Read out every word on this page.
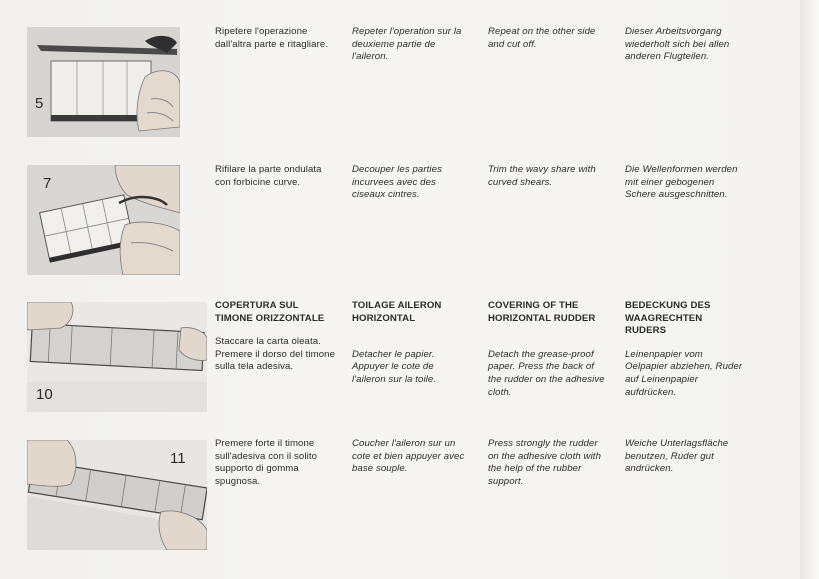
5
Ripetere l'operazione dall'altra parte e ritagliare.
Repeter l'operation sur la deuxieme partie de l'aileron.
Repeat on the other side and cut off.
Dieser Arbeitsvorgang wiederholt sich bei allen anderen Flugteilen.
7
Rifilare la parte ondulata con forbicine curve.
Decouper les parties incurvees avec des ciseaux cintres.
Trim the wavy share with curved shears.
Die Wellenformen werden mit einer gebogenen Schere ausgeschnitten.
10
COPERTURA SUL TIMONE ORIZZONTALE
Staccare la carta oleata. Premere il dorso del timone sulla tela adesiva.
TOILAGE AILERON HORIZONTAL
Detacher le papier. Appuyer le cote de l'aileron sur la toile.
COVERING OF THE HORIZONTAL RUDDER
Detach the grease-proof paper. Press the back of the rudder on the adhesive cloth.
BEDECKUNG DES WAAGRECHTEN RUDERS
Leinenpapier vom Oelpapier abziehen, Ruder auf Leinenpapier aufdrücken.
11
Premere forte il timone sull'adesiva con il solito supporto di gomma spugnosa.
Coucher l'aileron sur un cote et bien appuyer avec base souple.
Press strongly the rudder on the adhesive cloth with the help of the rubber support.
Weiche Unterlagsfläche benutzen, Ruder gut andrücken.
